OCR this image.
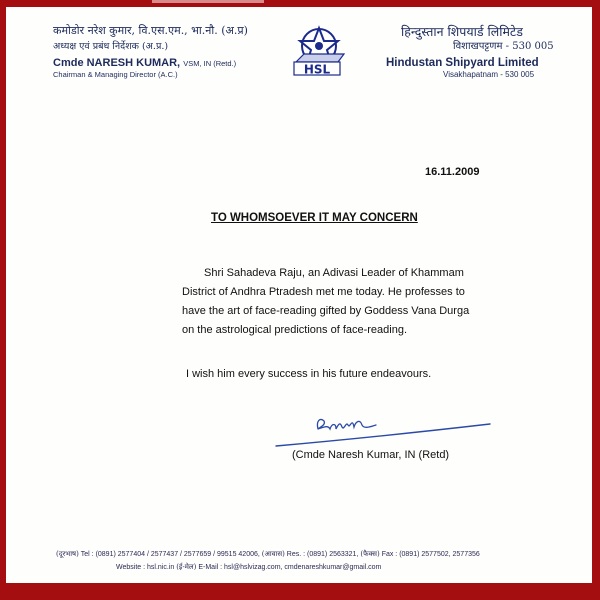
कमोडोर नरेश कुमार, वि.एस.एम., भा.नौ. (अ.प्र)
अध्यक्ष एवं प्रबंध निर्देशक (अ.प्र.)
Cmde NARESH KUMAR, VSM, IN (Retd.)
Chairman & Managing Director (A.C.)	HSL
हिन्दुस्तान शिपयार्ड लिमिटेड
विशाखपट्टणम - 530 005
Hindustan Shipyard Limited
Visakhapatnam - 530 005
16.11.2009
TO WHOMSOEVER IT MAY CONCERN
Shri Sahadeva Raju, an Adivasi Leader of Khammam
District of Andhra Ptradesh met me today. He professes to
have the art of face-reading gifted by Goddess Vana Durga
on the astrological predictions of face-reading.
I wish him every success in his future endeavours.
(Cmde Naresh Kumar, IN (Retd)
(दूरभाष) Tel : (0891) 2577404 / 2577437 / 2577659 / 99515 42006, (आवास) Res. : (0891) 2563321, (फैक्स) Fax : (0891) 2577502, 2577356
Website : hsl.nic.in (ई-मेल) E-Mail : hsl@hslvizag.com, cmdenareshkumar@gmail.com
